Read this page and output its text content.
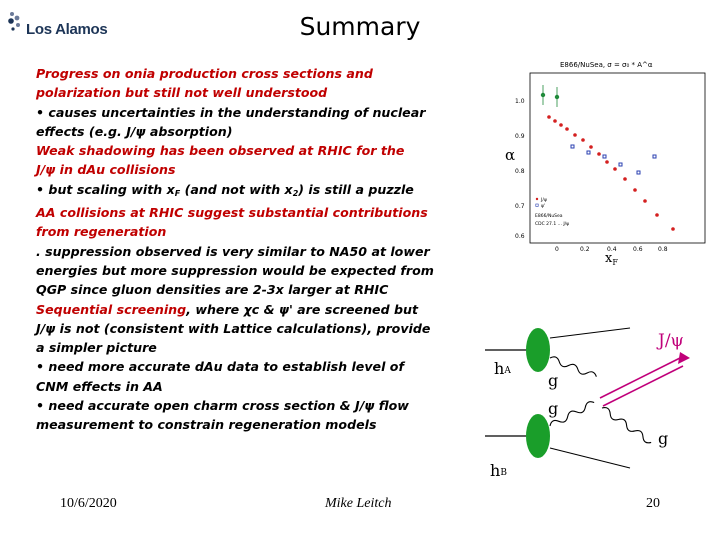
Los Alamos	Summary
Progress on onia production cross sections and
polarization but still not well understood
• causes uncertainties in the understanding of nuclear
effects (e.g. J/ψ absorption)
Weak shadowing has been observed at RHIC for the
J/ψ in dAu collisions
• but scaling with $x_F$ (and not with $x_2$) is still a puzzle
AA collisions at RHIC suggest substantial contributions
from regeneration
. suppression observed is very similar to NA50 at lower
energies but more suppression would be expected from
QGP since gluon densities are 2-3x larger at RHIC
Sequential screening, where χc & ψ' are screened but
J/ψ is not (consistent with Lattice calculations), provide
a simpler picture
• need more accurate dAu data to establish level of
CNM effects in AA
• need accurate open charm cross section & J/ψ flow
measurement to constrain regeneration models
E866/NuSea, σ = σ₀ * A^α
α
1.0
0.9
0.8
0.7
0.6
0	0.2	0.4	0.6	0.8
$x_F$
J/ψ
ψ'
E866/NuSea
CDC 27.1 ... J/ψ
hA
hB
g
g
g
J/ψ
10/6/2020	Mike Leitch	20
